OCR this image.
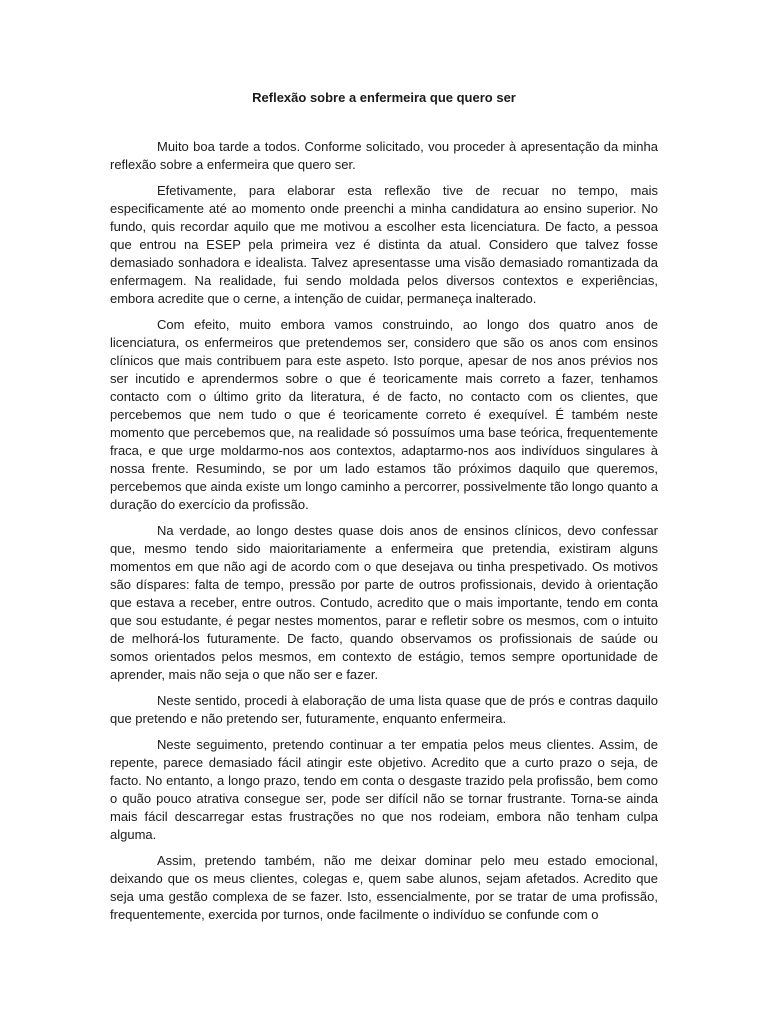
Reflexão sobre a enfermeira que quero ser

Muito boa tarde a todos. Conforme solicitado, vou proceder à apresentação da minha reflexão sobre a enfermeira que quero ser.

Efetivamente, para elaborar esta reflexão tive de recuar no tempo, mais especificamente até ao momento onde preenchi a minha candidatura ao ensino superior. No fundo, quis recordar aquilo que me motivou a escolher esta licenciatura. De facto, a pessoa que entrou na ESEP pela primeira vez é distinta da atual. Considero que talvez fosse demasiado sonhadora e idealista. Talvez apresentasse uma visão demasiado romantizada da enfermagem. Na realidade, fui sendo moldada pelos diversos contextos e experiências, embora acredite que o cerne, a intenção de cuidar, permaneça inalterado.

Com efeito, muito embora vamos construindo, ao longo dos quatro anos de licenciatura, os enfermeiros que pretendemos ser, considero que são os anos com ensinos clínicos que mais contribuem para este aspeto. Isto porque, apesar de nos anos prévios nos ser incutido e aprendermos sobre o que é teoricamente mais correto a fazer, tenhamos contacto com o último grito da literatura, é de facto, no contacto com os clientes, que percebemos que nem tudo o que é teoricamente correto é exequível. É também neste momento que percebemos que, na realidade só possuímos uma base teórica, frequentemente fraca, e que urge moldarmo-nos aos contextos, adaptarmo-nos aos indivíduos singulares à nossa frente. Resumindo, se por um lado estamos tão próximos daquilo que queremos, percebemos que ainda existe um longo caminho a percorrer, possivelmente tão longo quanto a duração do exercício da profissão.

Na verdade, ao longo destes quase dois anos de ensinos clínicos, devo confessar que, mesmo tendo sido maioritariamente a enfermeira que pretendia, existiram alguns momentos em que não agi de acordo com o que desejava ou tinha prespetivado. Os motivos são díspares: falta de tempo, pressão por parte de outros profissionais, devido à orientação que estava a receber, entre outros. Contudo, acredito que o mais importante, tendo em conta que sou estudante, é pegar nestes momentos, parar e refletir sobre os mesmos, com o intuito de melhorá-los futuramente. De facto, quando observamos os profissionais de saúde ou somos orientados pelos mesmos, em contexto de estágio, temos sempre oportunidade de aprender, mais não seja o que não ser e fazer.

Neste sentido, procedi à elaboração de uma lista quase que de prós e contras daquilo que pretendo e não pretendo ser, futuramente, enquanto enfermeira.

Neste seguimento, pretendo continuar a ter empatia pelos meus clientes. Assim, de repente, parece demasiado fácil atingir este objetivo. Acredito que a curto prazo o seja, de facto. No entanto, a longo prazo, tendo em conta o desgaste trazido pela profissão, bem como o quão pouco atrativa consegue ser, pode ser difícil não se tornar frustrante. Torna-se ainda mais fácil descarregar estas frustrações no que nos rodeiam, embora não tenham culpa alguma.

Assim, pretendo também, não me deixar dominar pelo meu estado emocional, deixando que os meus clientes, colegas e, quem sabe alunos, sejam afetados. Acredito que seja uma gestão complexa de se fazer. Isto, essencialmente, por se tratar de uma profissão, frequentemente, exercida por turnos, onde facilmente o indivíduo se confunde com o
